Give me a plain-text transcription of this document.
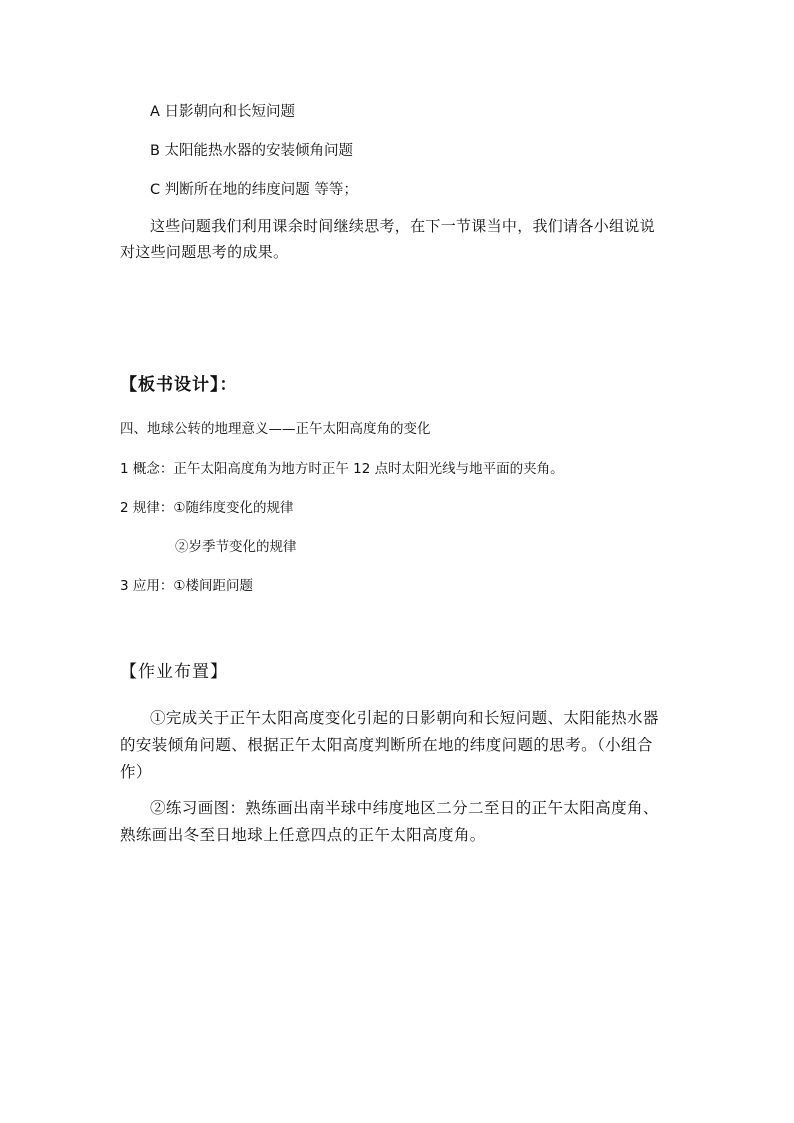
A 日影朝向和长短问题

B 太阳能热水器的安装倾角问题

C 判断所在地的纬度问题 等等；

这些问题我们利用课余时间继续思考，在下一节课当中，我们请各小组说说对这些问题思考的成果。

【板书设计】：

四、地球公转的地理意义——正午太阳高度角的变化

1 概念：正午太阳高度角为地方时正午 12 点时太阳光线与地平面的夹角。

2 规律：①随纬度变化的规律

②岁季节变化的规律

3 应用：①楼间距问题

【作业布置】

①完成关于正午太阳高度变化引起的日影朝向和长短问题、太阳能热水器的安装倾角问题、根据正午太阳高度判断所在地的纬度问题的思考。（小组合作）

②练习画图：熟练画出南半球中纬度地区二分二至日的正午太阳高度角、熟练画出冬至日地球上任意四点的正午太阳高度角。
